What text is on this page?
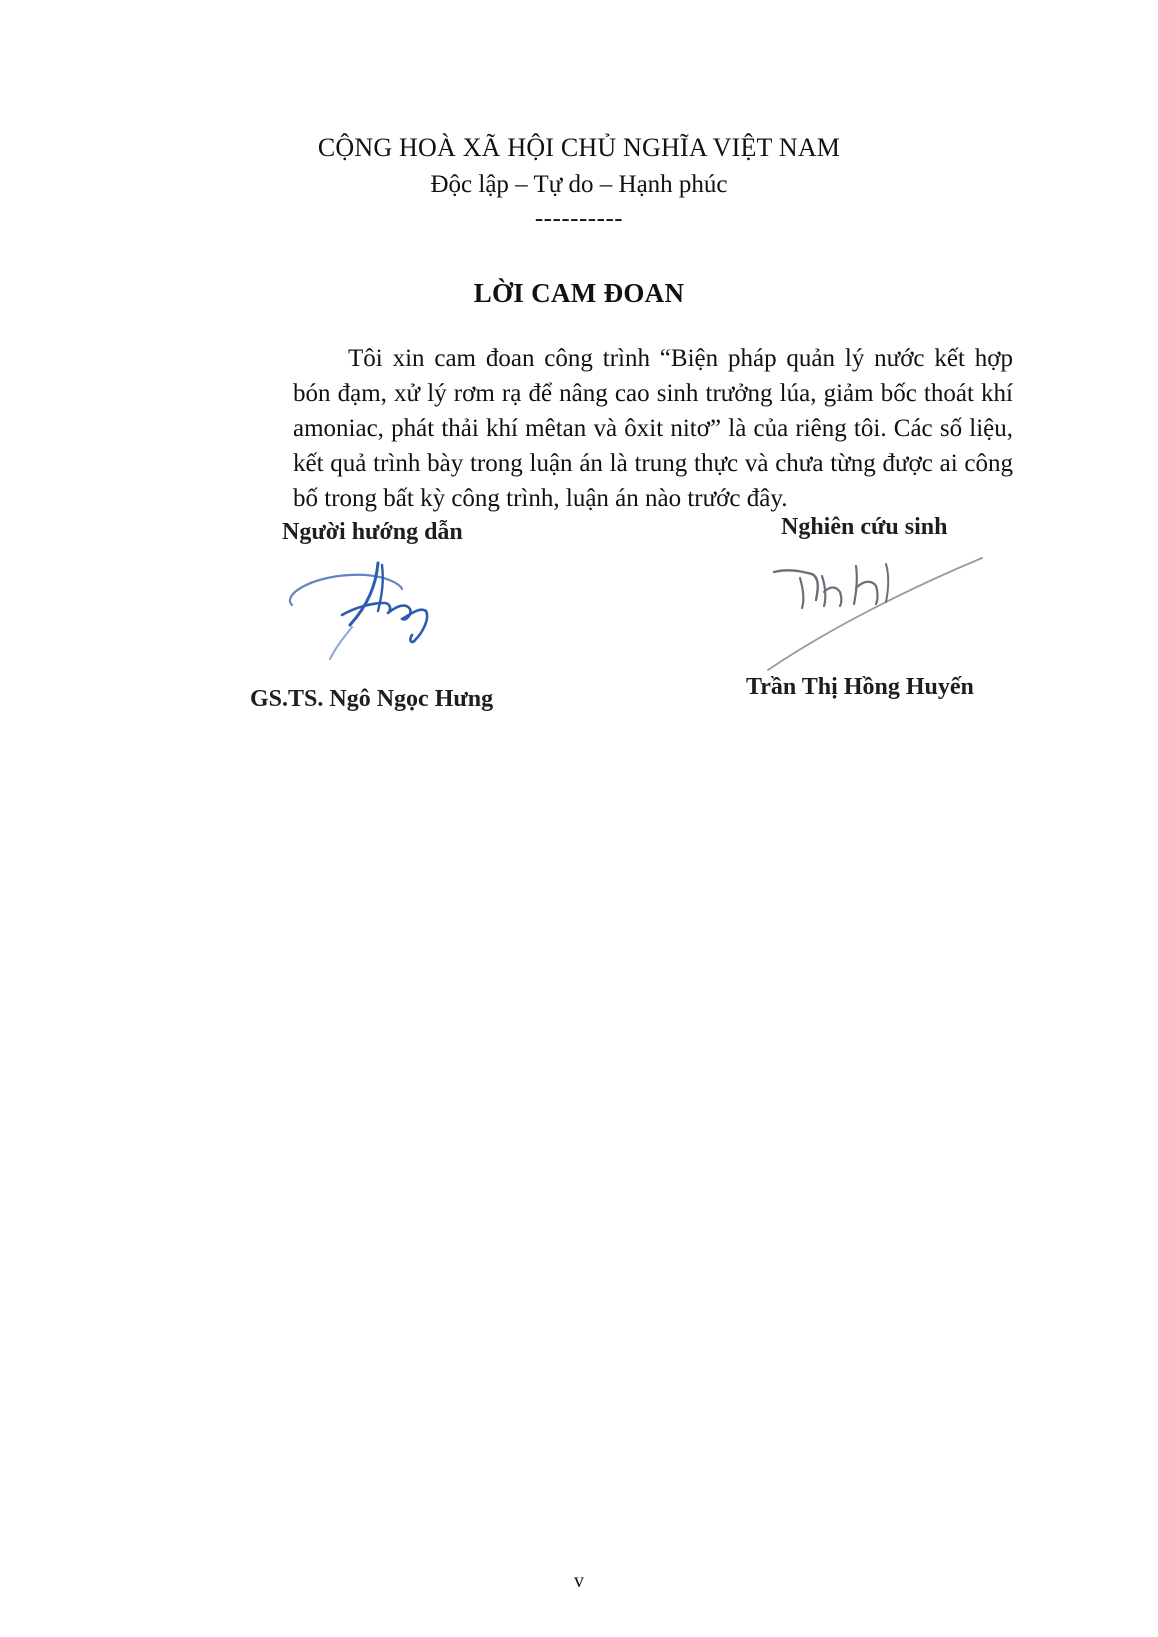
CỘNG HOÀ XÃ HỘI CHỦ NGHĨA VIỆT NAM
Độc lập – Tự do – Hạnh phúc
----------
LỜI CAM ĐOAN

Tôi xin cam đoan công trình “Biện pháp quản lý nước kết hợp bón đạm, xử lý rơm rạ để nâng cao sinh trưởng lúa, giảm bốc thoát khí amoniac, phát thải khí mêtan và ôxit nitơ” là của riêng tôi. Các số liệu, kết quả trình bày trong luận án là trung thực và chưa từng được ai công bố trong bất kỳ công trình, luận án nào trước đây.

Người hướng dẫn
GS.TS. Ngô Ngọc Hưng
Nghiên cứu sinh
Trần Thị Hồng Huyến
v
